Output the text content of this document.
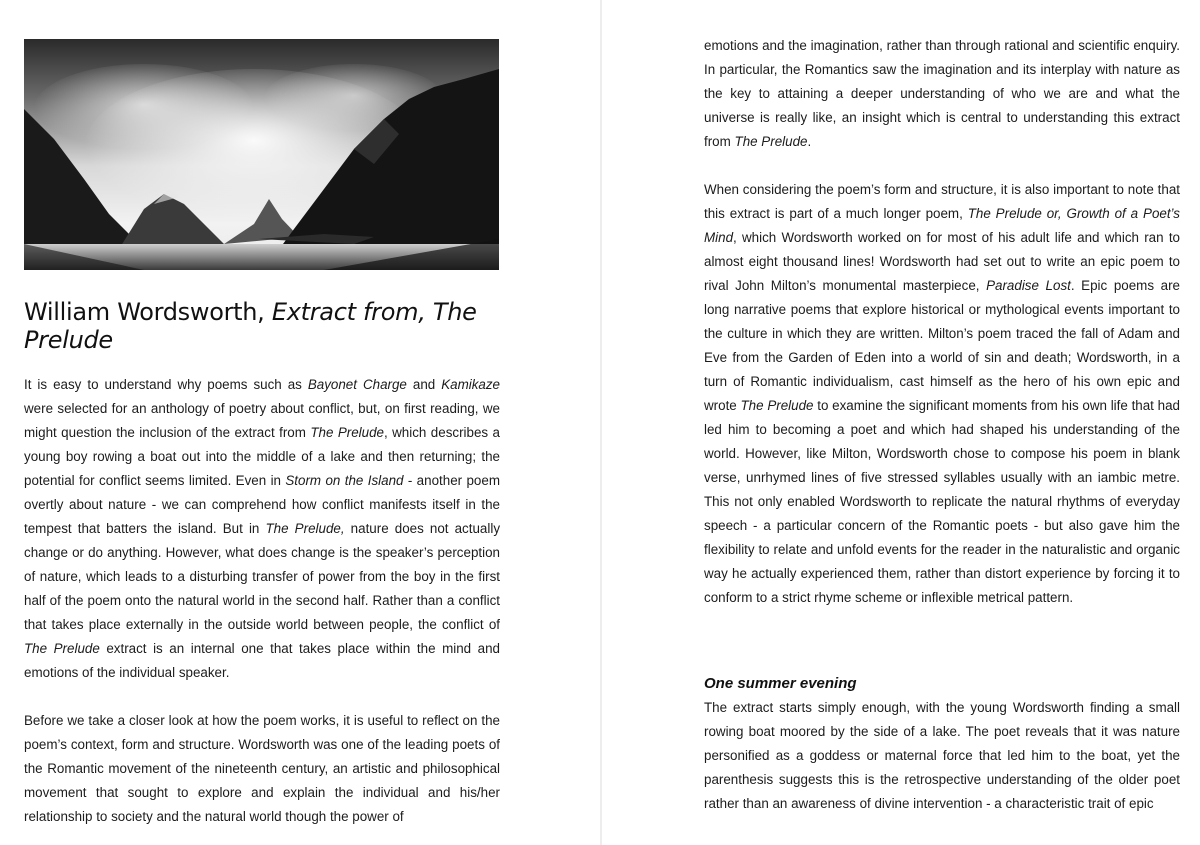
William Wordsworth, Extract from, The Prelude

It is easy to understand why poems such as Bayonet Charge and Kamikaze were selected for an anthology of poetry about conflict, but, on first reading, we might question the inclusion of the extract from The Prelude, which describes a young boy rowing a boat out into the middle of a lake and then returning; the potential for conflict seems limited. Even in Storm on the Island - another poem overtly about nature - we can comprehend how conflict manifests itself in the tempest that batters the island. But in The Prelude, nature does not actually change or do anything. However, what does change is the speaker’s perception of nature, which leads to a disturbing transfer of power from the boy in the first half of the poem onto the natural world in the second half. Rather than a conflict that takes place externally in the outside world between people, the conflict of The Prelude extract is an internal one that takes place within the mind and emotions of the individual speaker.

Before we take a closer look at how the poem works, it is useful to reflect on the poem’s context, form and structure. Wordsworth was one of the leading poets of the Romantic movement of the nineteenth century, an artistic and philosophical movement that sought to explore and explain the individual and his/her relationship to society and the natural world though the power of

emotions and the imagination, rather than through rational and scientific enquiry. In particular, the Romantics saw the imagination and its interplay with nature as the key to attaining a deeper understanding of who we are and what the universe is really like, an insight which is central to understanding this extract from The Prelude.

When considering the poem’s form and structure, it is also important to note that this extract is part of a much longer poem, The Prelude or, Growth of a Poet’s Mind, which Wordsworth worked on for most of his adult life and which ran to almost eight thousand lines! Wordsworth had set out to write an epic poem to rival John Milton’s monumental masterpiece, Paradise Lost. Epic poems are long narrative poems that explore historical or mythological events important to the culture in which they are written. Milton’s poem traced the fall of Adam and Eve from the Garden of Eden into a world of sin and death; Wordsworth, in a turn of Romantic individualism, cast himself as the hero of his own epic and wrote The Prelude to examine the significant moments from his own life that had led him to becoming a poet and which had shaped his understanding of the world. However, like Milton, Wordsworth chose to compose his poem in blank verse, unrhymed lines of five stressed syllables usually with an iambic metre. This not only enabled Wordsworth to replicate the natural rhythms of everyday speech - a particular concern of the Romantic poets - but also gave him the flexibility to relate and unfold events for the reader in the naturalistic and organic way he actually experienced them, rather than distort experience by forcing it to conform to a strict rhyme scheme or inflexible metrical pattern.

One summer evening

The extract starts simply enough, with the young Wordsworth finding a small rowing boat moored by the side of a lake. The poet reveals that it was nature personified as a goddess or maternal force that led him to the boat, yet the parenthesis suggests this is the retrospective understanding of the older poet rather than an awareness of divine intervention - a characteristic trait of epic
